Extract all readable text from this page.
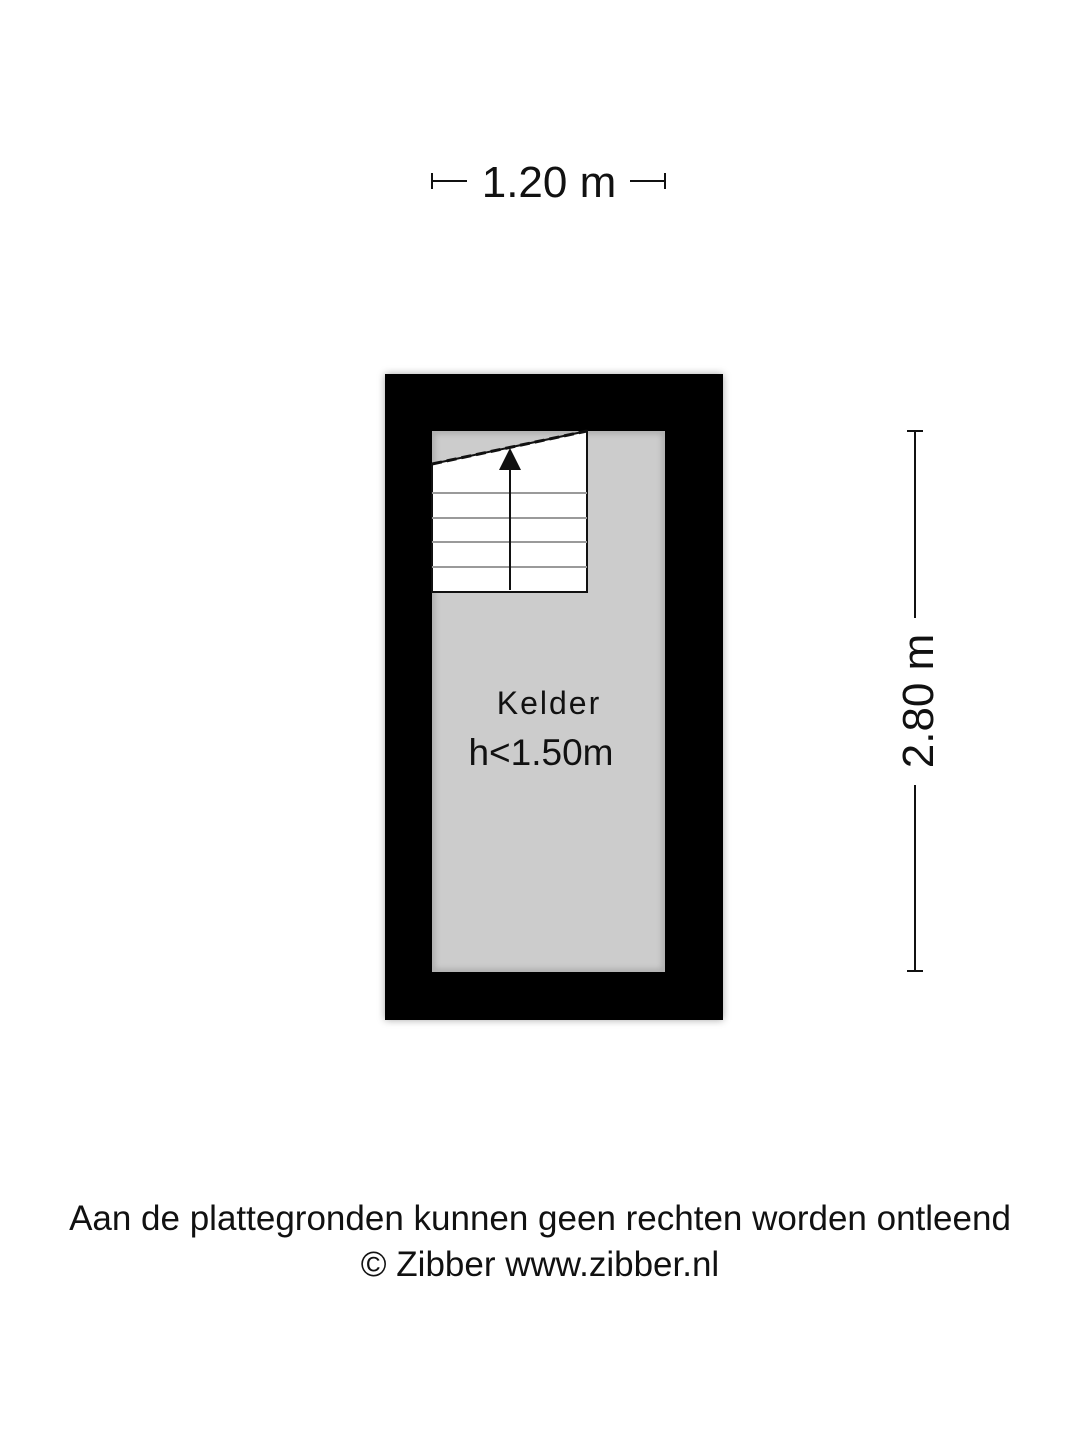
1.20 m
Kelder
h<1.50m	2.80 m
Aan de plattegronden kunnen geen rechten worden ontleend
© Zibber www.zibber.nl
